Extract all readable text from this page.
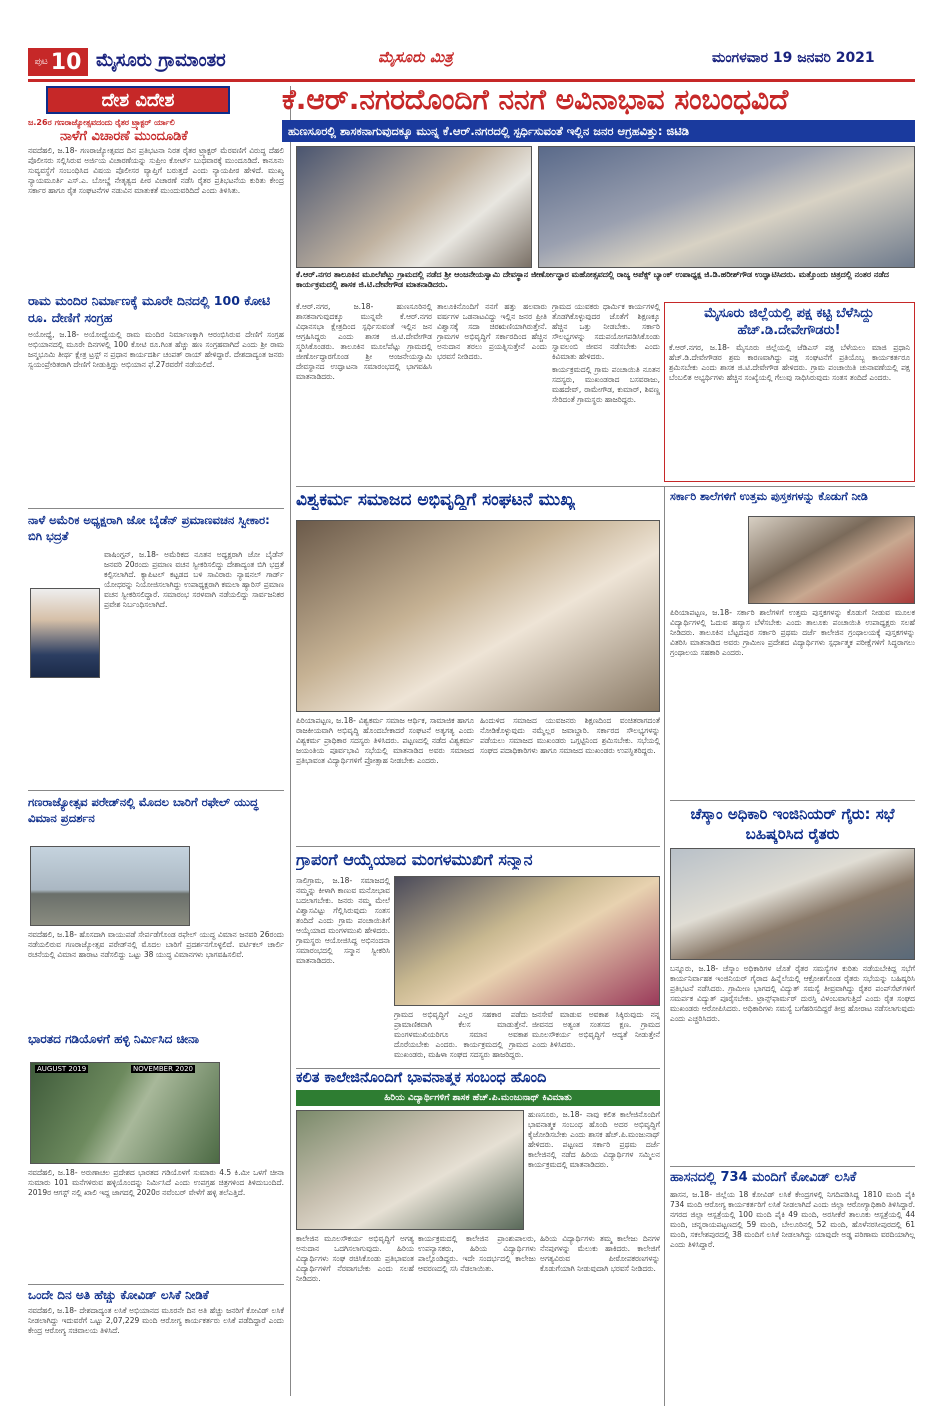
ಪುಟ 10 ಮೈಸೂರು ಗ್ರಾಮಾಂತರ	ಮೈಸೂರು ಮಿತ್ರ	ಮಂಗಳವಾರ 19 ಜನವರಿ 2021
ದೇಶ ವಿದೇಶ
ಜ.26ರ ಗಣರಾಜ್ಯೋತ್ಸವದಂದು ರೈತರ ಟ್ರ್ಯಾಕ್ಟರ್ ರ್ಯಾಲಿ
ನಾಳೆಗೆ ವಿಚಾರಣೆ ಮುಂದೂಡಿಕೆ

ನವದೆಹಲಿ, ಜ.18- ಗಣರಾಜ್ಯೋತ್ಸವದ ದಿನ ಪ್ರತಿಭಟನಾ ನಿರತ ರೈತರ ಟ್ರ್ಯಾಕ್ಟರ್ ಮೆರವಣಿಗೆ ವಿರುದ್ಧ ದೆಹಲಿ ಪೊಲೀಸರು ಸಲ್ಲಿಸಿರುವ ಅರ್ಜಿಯ ವಿಚಾರಣೆಯನ್ನು ಸುಪ್ರೀಂ ಕೋರ್ಟ್ ಬುಧವಾರಕ್ಕೆ ಮುಂದೂಡಿದೆ. ಕಾನೂನು ಸುವ್ಯವಸ್ಥೆಗೆ ಸಂಬಂಧಿಸಿದ ವಿಷಯ ಪೊಲೀಸರ ವ್ಯಾಪ್ತಿಗೆ ಬರುತ್ತದೆ ಎಂದು ನ್ಯಾಯಪೀಠ ಹೇಳಿದೆ. ಮುಖ್ಯ ನ್ಯಾಯಮೂರ್ತಿ ಎಸ್.ಎ. ಬೋಬ್ಡೆ ನೇತೃತ್ವದ ಪೀಠ ವಿಚಾರಣೆ ನಡೆಸಿ ರೈತರ ಪ್ರತಿಭಟನೆಯ ಕುರಿತು ಕೇಂದ್ರ ಸರ್ಕಾರ ಹಾಗೂ ರೈತ ಸಂಘಟನೆಗಳ ನಡುವಿನ ಮಾತುಕತೆ ಮುಂದುವರಿದಿದೆ ಎಂದು ತಿಳಿಸಿತು.

ರಾಮ ಮಂದಿರ ನಿರ್ಮಾಣಕ್ಕೆ ಮೂರೇ ದಿನದಲ್ಲಿ 100 ಕೋಟಿ ರೂ. ದೇಣಿಗೆ ಸಂಗ್ರಹ

ಅಯೋಧ್ಯೆ, ಜ.18- ಅಯೋಧ್ಯೆಯಲ್ಲಿ ರಾಮ ಮಂದಿರ ನಿರ್ಮಾಣಕ್ಕಾಗಿ ಆರಂಭಿಸಿರುವ ದೇಣಿಗೆ ಸಂಗ್ರಹ ಅಭಿಯಾನದಲ್ಲಿ ಮೂರೇ ದಿನಗಳಲ್ಲಿ 100 ಕೋಟಿ ರೂ.ಗಿಂತ ಹೆಚ್ಚು ಹಣ ಸಂಗ್ರಹವಾಗಿದೆ ಎಂದು ಶ್ರೀ ರಾಮ ಜನ್ಮಭೂಮಿ ತೀರ್ಥ ಕ್ಷೇತ್ರ ಟ್ರಸ್ಟ್ ನ ಪ್ರಧಾನ ಕಾರ್ಯದರ್ಶಿ ಚಂಪತ್ ರಾಯ್ ಹೇಳಿದ್ದಾರೆ. ದೇಶದಾದ್ಯಂತ ಜನರು ಸ್ವಯಂಪ್ರೇರಿತರಾಗಿ ದೇಣಿಗೆ ನೀಡುತ್ತಿದ್ದು ಅಭಿಯಾನ ಫೆ.27ರವರೆಗೆ ನಡೆಯಲಿದೆ.

ನಾಳೆ ಅಮೆರಿಕ ಅಧ್ಯಕ್ಷರಾಗಿ ಜೋ ಬೈಡೆನ್ ಪ್ರಮಾಣವಚನ ಸ್ವೀಕಾರ: ಬಿಗಿ ಭದ್ರತೆ

ವಾಷಿಂಗ್ಟನ್, ಜ.18- ಅಮೆರಿಕದ ನೂತನ ಅಧ್ಯಕ್ಷರಾಗಿ ಜೋ ಬೈಡೆನ್ ಜನವರಿ 20ರಂದು ಪ್ರಮಾಣ ವಚನ ಸ್ವೀಕರಿಸಲಿದ್ದು ದೇಶಾದ್ಯಂತ ಬಿಗಿ ಭದ್ರತೆ ಕಲ್ಪಿಸಲಾಗಿದೆ. ಕ್ಯಾಪಿಟಲ್ ಕಟ್ಟಡದ ಬಳಿ ಸಾವಿರಾರು ನ್ಯಾಷನಲ್ ಗಾರ್ಡ್ ಯೋಧರನ್ನು ನಿಯೋಜಿಸಲಾಗಿದ್ದು ಉಪಾಧ್ಯಕ್ಷರಾಗಿ ಕಮಲಾ ಹ್ಯಾರಿಸ್ ಪ್ರಮಾಣ ವಚನ ಸ್ವೀಕರಿಸಲಿದ್ದಾರೆ. ಸಮಾರಂಭ ಸರಳವಾಗಿ ನಡೆಯಲಿದ್ದು ಸಾರ್ವಜನಿಕರ ಪ್ರವೇಶ ನಿರ್ಬಂಧಿಸಲಾಗಿದೆ.

ಗಣರಾಜ್ಯೋತ್ಸವ ಪರೇಡ್‌ನಲ್ಲಿ ಮೊದಲ ಬಾರಿಗೆ ರಫೇಲ್ ಯುದ್ಧ ವಿಮಾನ ಪ್ರದರ್ಶನ

ನವದೆಹಲಿ, ಜ.18- ಹೊಸದಾಗಿ ವಾಯುಪಡೆ ಸೇರ್ಪಡೆಗೊಂಡ ರಫೇಲ್ ಯುದ್ಧ ವಿಮಾನ ಜನವರಿ 26ರಂದು ನಡೆಯಲಿರುವ ಗಣರಾಜ್ಯೋತ್ಸವ ಪರೇಡ್‌ನಲ್ಲಿ ಮೊದಲ ಬಾರಿಗೆ ಪ್ರದರ್ಶನಗೊಳ್ಳಲಿದೆ. ವರ್ಟಿಕಲ್ ಚಾರ್ಲಿ ರಚನೆಯಲ್ಲಿ ವಿಮಾನ ಹಾರಾಟ ನಡೆಸಲಿದ್ದು ಒಟ್ಟು 38 ಯುದ್ಧ ವಿಮಾನಗಳು ಭಾಗವಹಿಸಲಿವೆ.

ಭಾರತದ ಗಡಿಯೊಳಗೆ ಹಳ್ಳಿ ನಿರ್ಮಿಸಿದ ಚೀನಾ
AUGUST 2019	NOVEMBER 2020

ನವದೆಹಲಿ, ಜ.18- ಅರುಣಾಚಲ ಪ್ರದೇಶದ ಭಾರತದ ಗಡಿಯೊಳಗೆ ಸುಮಾರು 4.5 ಕಿ.ಮೀ ಒಳಗೆ ಚೀನಾ ಸುಮಾರು 101 ಮನೆಗಳಿರುವ ಹಳ್ಳಿಯೊಂದನ್ನು ನಿರ್ಮಿಸಿದೆ ಎಂದು ಉಪಗ್ರಹ ಚಿತ್ರಗಳಿಂದ ತಿಳಿದುಬಂದಿದೆ. 2019ರ ಆಗಸ್ಟ್ ನಲ್ಲಿ ಖಾಲಿ ಇದ್ದ ಜಾಗದಲ್ಲಿ 2020ರ ನವೆಂಬರ್ ವೇಳೆಗೆ ಹಳ್ಳಿ ತಲೆಎತ್ತಿದೆ.

ಒಂದೇ ದಿನ ಅತಿ ಹೆಚ್ಚು ಕೋವಿಡ್ ಲಸಿಕೆ ನೀಡಿಕೆ

ನವದೆಹಲಿ, ಜ.18- ದೇಶದಾದ್ಯಂತ ಲಸಿಕೆ ಅಭಿಯಾನದ ಮೂರನೇ ದಿನ ಅತಿ ಹೆಚ್ಚು ಜನರಿಗೆ ಕೋವಿಡ್ ಲಸಿಕೆ ನೀಡಲಾಗಿದ್ದು ಇದುವರೆಗೆ ಒಟ್ಟು 2,07,229 ಮಂದಿ ಆರೋಗ್ಯ ಕಾರ್ಯಕರ್ತರು ಲಸಿಕೆ ಪಡೆದಿದ್ದಾರೆ ಎಂದು ಕೇಂದ್ರ ಆರೋಗ್ಯ ಸಚಿವಾಲಯ ತಿಳಿಸಿದೆ.

ಕೆ.ಆರ್.ನಗರದೊಂದಿಗೆ ನನಗೆ ಅವಿನಾಭಾವ ಸಂಬಂಧವಿದೆ
ಹುಣಸೂರಲ್ಲಿ ಶಾಸಕನಾಗುವುದಕ್ಕೂ ಮುನ್ನ ಕೆ.ಆರ್.ನಗರದಲ್ಲಿ ಸ್ಪರ್ಧಿಸುವಂತೆ ಇಲ್ಲಿನ ಜನರ ಆಗ್ರಹವಿತ್ತು: ಜಿಟಿಡಿ
ಕೆ.ಆರ್.ನಗರ ತಾಲೂಕಿನ ಮೂಲೆಪೆಟ್ಲು ಗ್ರಾಮದಲ್ಲಿ ನಡೆದ ಶ್ರೀ ಆಂಜನೇಯಸ್ವಾಮಿ ದೇವಸ್ಥಾನ ಜೀರ್ಣೋದ್ಧಾರ ಮಹೋತ್ಸವದಲ್ಲಿ ರಾಜ್ಯ ಅಪೆಕ್ಸ್ ಬ್ಯಾಂಕ್ ಉಪಾಧ್ಯಕ್ಷ ಜಿ.ಡಿ.ಹರೀಶ್‌ಗೌಡ ಉದ್ಘಾಟಿಸಿದರು. ಮತ್ತೊಂದು ಚಿತ್ರದಲ್ಲಿ ನಂತರ ನಡೆದ ಕಾರ್ಯಕ್ರಮದಲ್ಲಿ ಶಾಸಕ ಜಿ.ಟಿ.ದೇವೇಗೌಡ ಮಾತನಾಡಿದರು.

ಕೆ.ಆರ್.ನಗರ, ಜ.18- ಹುಣಸೂರಿನಲ್ಲಿ ಶಾಸಕನಾಗುವುದಕ್ಕೂ ಮುನ್ನವೇ ಕೆ.ಆರ್.ನಗರ ವಿಧಾನಸಭಾ ಕ್ಷೇತ್ರದಿಂದ ಸ್ಪರ್ಧಿಸುವಂತೆ ಇಲ್ಲಿನ ಜನ ಆಗ್ರಹಿಸಿದ್ದರು ಎಂದು ಶಾಸಕ ಜಿ.ಟಿ.ದೇವೇಗೌಡ ಸ್ಮರಿಸಿಕೊಂಡರು. ತಾಲೂಕಿನ ಮೂಲೆಪೆಟ್ಲು ಗ್ರಾಮದಲ್ಲಿ ಜೀರ್ಣೋದ್ಧಾರಗೊಂಡ ಶ್ರೀ ಆಂಜನೇಯಸ್ವಾಮಿ ದೇವಸ್ಥಾನದ ಉದ್ಘಾಟನಾ ಸಮಾರಂಭದಲ್ಲಿ ಭಾಗವಹಿಸಿ ಮಾತನಾಡಿದರು.

ತಾಲೂಕಿನೊಂದಿಗೆ ನನಗೆ ಹತ್ತು ಹಲವಾರು ವರ್ಷಗಳ ಒಡನಾಟವಿದ್ದು ಇಲ್ಲಿನ ಜನರ ಪ್ರೀತಿ ವಿಶ್ವಾಸಕ್ಕೆ ಸದಾ ಚಿರಋಣಿಯಾಗಿರುತ್ತೇನೆ. ಗ್ರಾಮಗಳ ಅಭಿವೃದ್ಧಿಗೆ ಸರ್ಕಾರದಿಂದ ಹೆಚ್ಚಿನ ಅನುದಾನ ತರಲು ಪ್ರಯತ್ನಿಸುತ್ತೇನೆ ಎಂದು ಭರವಸೆ ನೀಡಿದರು.

ಗ್ರಾಮದ ಯುವಕರು ಧಾರ್ಮಿಕ ಕಾರ್ಯಗಳಲ್ಲಿ ತೊಡಗಿಕೊಳ್ಳುವುದರ ಜೊತೆಗೆ ಶಿಕ್ಷಣಕ್ಕೂ ಹೆಚ್ಚಿನ ಒತ್ತು ನೀಡಬೇಕು. ಸರ್ಕಾರಿ ಸೌಲಭ್ಯಗಳನ್ನು ಸದುಪಯೋಗಪಡಿಸಿಕೊಂಡು ಸ್ವಾವಲಂಬಿ ಜೀವನ ನಡೆಸಬೇಕು ಎಂದು ಕಿವಿಮಾತು ಹೇಳಿದರು.

ಕಾರ್ಯಕ್ರಮದಲ್ಲಿ ಗ್ರಾಮ ಪಂಚಾಯಿತಿ ನೂತನ ಸದಸ್ಯರು, ಮುಖಂಡರಾದ ಬಸವರಾಜು, ಮಹದೇವ್, ರಾಮೇಗೌಡ, ಕುಮಾರ್, ಶಿವಣ್ಣ ಸೇರಿದಂತೆ ಗ್ರಾಮಸ್ಥರು ಹಾಜರಿದ್ದರು.

ಮೈಸೂರು ಜಿಲ್ಲೆಯಲ್ಲಿ ಪಕ್ಷ ಕಟ್ಟಿ ಬೆಳೆಸಿದ್ದು ಹೆಚ್.ಡಿ.ದೇವೇಗೌಡರು!

ಕೆ.ಆರ್.ನಗರ, ಜ.18- ಮೈಸೂರು ಜಿಲ್ಲೆಯಲ್ಲಿ ಜೆಡಿಎಸ್ ಪಕ್ಷ ಬೆಳೆಯಲು ಮಾಜಿ ಪ್ರಧಾನಿ ಹೆಚ್.ಡಿ.ದೇವೇಗೌಡರ ಶ್ರಮ ಕಾರಣವಾಗಿದ್ದು ಪಕ್ಷ ಸಂಘಟನೆಗೆ ಪ್ರತಿಯೊಬ್ಬ ಕಾರ್ಯಕರ್ತರೂ ಶ್ರಮಿಸಬೇಕು ಎಂದು ಶಾಸಕ ಜಿ.ಟಿ.ದೇವೇಗೌಡ ಹೇಳಿದರು. ಗ್ರಾಮ ಪಂಚಾಯಿತಿ ಚುನಾವಣೆಯಲ್ಲಿ ಪಕ್ಷ ಬೆಂಬಲಿತ ಅಭ್ಯರ್ಥಿಗಳು ಹೆಚ್ಚಿನ ಸಂಖ್ಯೆಯಲ್ಲಿ ಗೆಲುವು ಸಾಧಿಸಿರುವುದು ಸಂತಸ ತಂದಿದೆ ಎಂದರು.

ವಿಶ್ವಕರ್ಮ ಸಮಾಜದ ಅಭಿವೃದ್ಧಿಗೆ ಸಂಘಟನೆ ಮುಖ್ಯ

ಪಿರಿಯಾಪಟ್ಟಣ, ಜ.18- ವಿಶ್ವಕರ್ಮ ಸಮಾಜ ಆರ್ಥಿಕ, ಸಾಮಾಜಿಕ ಹಾಗೂ ರಾಜಕೀಯವಾಗಿ ಅಭಿವೃದ್ಧಿ ಹೊಂದಬೇಕಾದರೆ ಸಂಘಟನೆ ಅತ್ಯಗತ್ಯ ಎಂದು ವಿಶ್ವಕರ್ಮ ಪ್ರಾಧಿಕಾರ ಸದಸ್ಯರು ತಿಳಿಸಿದರು. ಪಟ್ಟಣದಲ್ಲಿ ನಡೆದ ವಿಶ್ವಕರ್ಮ ಜಯಂತಿಯ ಪೂರ್ವಭಾವಿ ಸಭೆಯಲ್ಲಿ ಮಾತನಾಡಿದ ಅವರು ಸಮಾಜದ ಪ್ರತಿಭಾವಂತ ವಿದ್ಯಾರ್ಥಿಗಳಿಗೆ ಪ್ರೋತ್ಸಾಹ ನೀಡಬೇಕು ಎಂದರು.

ಹಿಂದುಳಿದ ಸಮಾಜದ ಯುವಜನರು ಶಿಕ್ಷಣದಿಂದ ವಂಚಿತರಾಗದಂತೆ ನೋಡಿಕೊಳ್ಳುವುದು ನಮ್ಮೆಲ್ಲರ ಜವಾಬ್ದಾರಿ. ಸರ್ಕಾರದ ಸೌಲಭ್ಯಗಳನ್ನು ಪಡೆಯಲು ಸಮಾಜದ ಮುಖಂಡರು ಒಗ್ಗಟ್ಟಿನಿಂದ ಶ್ರಮಿಸಬೇಕು. ಸಭೆಯಲ್ಲಿ ಸಂಘದ ಪದಾಧಿಕಾರಿಗಳು ಹಾಗೂ ಸಮಾಜದ ಮುಖಂಡರು ಉಪಸ್ಥಿತರಿದ್ದರು.

ಸರ್ಕಾರಿ ಶಾಲೆಗಳಿಗೆ ಉತ್ತಮ ಪುಸ್ತಕಗಳನ್ನು ಕೊಡುಗೆ ನೀಡಿ

ಪಿರಿಯಾಪಟ್ಟಣ, ಜ.18- ಸರ್ಕಾರಿ ಶಾಲೆಗಳಿಗೆ ಉತ್ತಮ ಪುಸ್ತಕಗಳನ್ನು ಕೊಡುಗೆ ನೀಡುವ ಮೂಲಕ ವಿದ್ಯಾರ್ಥಿಗಳಲ್ಲಿ ಓದುವ ಹವ್ಯಾಸ ಬೆಳೆಸಬೇಕು ಎಂದು ತಾಲೂಕು ಪಂಚಾಯಿತಿ ಉಪಾಧ್ಯಕ್ಷರು ಸಲಹೆ ನೀಡಿದರು. ತಾಲೂಕಿನ ಬೆಟ್ಟದಪುರ ಸರ್ಕಾರಿ ಪ್ರಥಮ ದರ್ಜೆ ಕಾಲೇಜಿನ ಗ್ರಂಥಾಲಯಕ್ಕೆ ಪುಸ್ತಕಗಳನ್ನು ವಿತರಿಸಿ ಮಾತನಾಡಿದ ಅವರು ಗ್ರಾಮೀಣ ಪ್ರದೇಶದ ವಿದ್ಯಾರ್ಥಿಗಳು ಸ್ಪರ್ಧಾತ್ಮಕ ಪರೀಕ್ಷೆಗಳಿಗೆ ಸಿದ್ಧರಾಗಲು ಗ್ರಂಥಾಲಯ ಸಹಕಾರಿ ಎಂದರು.

ಚೆಸ್ಕಾಂ ಅಧಿಕಾರಿ ಇಂಜಿನಿಯರ್ ಗೈರು: ಸಭೆ ಬಹಿಷ್ಕರಿಸಿದ ರೈತರು

ಬನ್ನೂರು, ಜ.18- ಚೆಸ್ಕಾಂ ಅಧಿಕಾರಿಗಳ ಜೊತೆ ರೈತರ ಸಮಸ್ಯೆಗಳ ಕುರಿತು ನಡೆಯಬೇಕಿದ್ದ ಸಭೆಗೆ ಕಾರ್ಯನಿರ್ವಾಹಕ ಇಂಜಿನಿಯರ್ ಗೈರಾದ ಹಿನ್ನೆಲೆಯಲ್ಲಿ ಆಕ್ರೋಶಗೊಂಡ ರೈತರು ಸಭೆಯನ್ನು ಬಹಿಷ್ಕರಿಸಿ ಪ್ರತಿಭಟನೆ ನಡೆಸಿದರು. ಗ್ರಾಮೀಣ ಭಾಗದಲ್ಲಿ ವಿದ್ಯುತ್ ಸಮಸ್ಯೆ ತೀವ್ರವಾಗಿದ್ದು ರೈತರ ಪಂಪ್‌ಸೆಟ್‌ಗಳಿಗೆ ಸಮರ್ಪಕ ವಿದ್ಯುತ್ ಪೂರೈಸಬೇಕು. ಟ್ರಾನ್ಸ್‌ಫಾರ್ಮರ್ ದುರಸ್ತಿ ವಿಳಂಬವಾಗುತ್ತಿದೆ ಎಂದು ರೈತ ಸಂಘದ ಮುಖಂಡರು ಆರೋಪಿಸಿದರು. ಅಧಿಕಾರಿಗಳು ಸಮಸ್ಯೆ ಬಗೆಹರಿಸದಿದ್ದರೆ ತೀವ್ರ ಹೋರಾಟ ನಡೆಸಲಾಗುವುದು ಎಂದು ಎಚ್ಚರಿಸಿದರು.

ಗ್ರಾಪಂಗೆ ಆಯ್ಕೆಯಾದ ಮಂಗಳಮುಖಿಗೆ ಸನ್ಮಾನ

ಸಾಲಿಗ್ರಾಮ, ಜ.18- ಸಮಾಜದಲ್ಲಿ ನಮ್ಮನ್ನು ಕೀಳಾಗಿ ಕಾಣುವ ಮನೋಭಾವ ಬದಲಾಗಬೇಕು. ಜನರು ನಮ್ಮ ಮೇಲೆ ವಿಶ್ವಾಸವಿಟ್ಟು ಗೆಲ್ಲಿಸಿರುವುದು ಸಂತಸ ತಂದಿದೆ ಎಂದು ಗ್ರಾಮ ಪಂಚಾಯಿತಿಗೆ ಆಯ್ಕೆಯಾದ ಮಂಗಳಮುಖಿ ಹೇಳಿದರು. ಗ್ರಾಮಸ್ಥರು ಆಯೋಜಿಸಿದ್ದ ಅಭಿನಂದನಾ ಸಮಾರಂಭದಲ್ಲಿ ಸನ್ಮಾನ ಸ್ವೀಕರಿಸಿ ಮಾತನಾಡಿದರು.

ಗ್ರಾಮದ ಅಭಿವೃದ್ಧಿಗೆ ಎಲ್ಲರ ಸಹಕಾರ ಪಡೆದು ಪ್ರಾಮಾಣಿಕವಾಗಿ ಕೆಲಸ ಮಾಡುತ್ತೇನೆ. ಮಂಗಳಮುಖಿಯರಿಗೂ ಸಮಾನ ಅವಕಾಶ ದೊರೆಯಬೇಕು ಎಂದರು. ಕಾರ್ಯಕ್ರಮದಲ್ಲಿ ಗ್ರಾಮದ ಮುಖಂಡರು, ಮಹಿಳಾ ಸಂಘದ ಸದಸ್ಯರು ಹಾಜರಿದ್ದರು.

ಜನಸೇವೆ ಮಾಡುವ ಅವಕಾಶ ಸಿಕ್ಕಿರುವುದು ನನ್ನ ಜೀವನದ ಅತ್ಯಂತ ಸಂತಸದ ಕ್ಷಣ. ಗ್ರಾಮದ ಮೂಲಸೌಕರ್ಯ ಅಭಿವೃದ್ಧಿಗೆ ಆದ್ಯತೆ ನೀಡುತ್ತೇನೆ ಎಂದು ತಿಳಿಸಿದರು.

ಕಲಿತ ಕಾಲೇಜಿನೊಂದಿಗೆ ಭಾವನಾತ್ಮಕ ಸಂಬಂಧ ಹೊಂದಿ
ಹಿರಿಯ ವಿದ್ಯಾರ್ಥಿಗಳಿಗೆ ಶಾಸಕ ಹೆಚ್.ಪಿ.ಮಂಜುನಾಥ್ ಕಿವಿಮಾತು

ಹುಣಸೂರು, ಜ.18- ನಾವು ಕಲಿತ ಕಾಲೇಜಿನೊಂದಿಗೆ ಭಾವನಾತ್ಮಕ ಸಂಬಂಧ ಹೊಂದಿ ಅದರ ಅಭಿವೃದ್ಧಿಗೆ ಕೈಜೋಡಿಸಬೇಕು ಎಂದು ಶಾಸಕ ಹೆಚ್.ಪಿ.ಮಂಜುನಾಥ್ ಹೇಳಿದರು. ಪಟ್ಟಣದ ಸರ್ಕಾರಿ ಪ್ರಥಮ ದರ್ಜೆ ಕಾಲೇಜಿನಲ್ಲಿ ನಡೆದ ಹಿರಿಯ ವಿದ್ಯಾರ್ಥಿಗಳ ಸಮ್ಮಿಲನ ಕಾರ್ಯಕ್ರಮದಲ್ಲಿ ಮಾತನಾಡಿದರು.

ಕಾಲೇಜಿನ ಮೂಲಸೌಕರ್ಯ ಅಭಿವೃದ್ಧಿಗೆ ಅಗತ್ಯ ಅನುದಾನ ಒದಗಿಸಲಾಗುವುದು. ಹಿರಿಯ ವಿದ್ಯಾರ್ಥಿಗಳು ಸಂಘ ರಚಿಸಿಕೊಂಡು ಪ್ರತಿಭಾವಂತ ವಿದ್ಯಾರ್ಥಿಗಳಿಗೆ ನೆರವಾಗಬೇಕು ಎಂದು ಸಲಹೆ ನೀಡಿದರು.

ಕಾರ್ಯಕ್ರಮದಲ್ಲಿ ಕಾಲೇಜಿನ ಪ್ರಾಂಶುಪಾಲರು, ಉಪನ್ಯಾಸಕರು, ಹಿರಿಯ ವಿದ್ಯಾರ್ಥಿಗಳು ಪಾಲ್ಗೊಂಡಿದ್ದರು. ಇದೇ ಸಂದರ್ಭದಲ್ಲಿ ಕಾಲೇಜು ಆವರಣದಲ್ಲಿ ಸಸಿ ನೆಡಲಾಯಿತು.

ಹಿರಿಯ ವಿದ್ಯಾರ್ಥಿಗಳು ತಮ್ಮ ಕಾಲೇಜು ದಿನಗಳ ನೆನಪುಗಳನ್ನು ಮೆಲುಕು ಹಾಕಿದರು. ಕಾಲೇಜಿಗೆ ಅಗತ್ಯವಿರುವ ಪೀಠೋಪಕರಣಗಳನ್ನು ಕೊಡುಗೆಯಾಗಿ ನೀಡುವುದಾಗಿ ಭರವಸೆ ನೀಡಿದರು.

ಹಾಸನದಲ್ಲಿ 734 ಮಂದಿಗೆ ಕೋವಿಡ್ ಲಸಿಕೆ

ಹಾಸನ, ಜ.18- ಜಿಲ್ಲೆಯ 18 ಕೋವಿಡ್ ಲಸಿಕೆ ಕೇಂದ್ರಗಳಲ್ಲಿ ನಿಗದಿಪಡಿಸಿದ್ದ 1810 ಮಂದಿ ಪೈಕಿ 734 ಮಂದಿ ಆರೋಗ್ಯ ಕಾರ್ಯಕರ್ತರಿಗೆ ಲಸಿಕೆ ನೀಡಲಾಗಿದೆ ಎಂದು ಜಿಲ್ಲಾ ಆರೋಗ್ಯಾಧಿಕಾರಿ ತಿಳಿಸಿದ್ದಾರೆ. ನಗರದ ಜಿಲ್ಲಾ ಆಸ್ಪತ್ರೆಯಲ್ಲಿ 100 ಮಂದಿ ಪೈಕಿ 49 ಮಂದಿ, ಅರಸೀಕೆರೆ ತಾಲೂಕು ಆಸ್ಪತ್ರೆಯಲ್ಲಿ 44 ಮಂದಿ, ಚನ್ನರಾಯಪಟ್ಟಣದಲ್ಲಿ 59 ಮಂದಿ, ಬೇಲೂರಿನಲ್ಲಿ 52 ಮಂದಿ, ಹೊಳೆನರಸೀಪುರದಲ್ಲಿ 61 ಮಂದಿ, ಸಕಲೇಶಪುರದಲ್ಲಿ 38 ಮಂದಿಗೆ ಲಸಿಕೆ ನೀಡಲಾಗಿದ್ದು ಯಾವುದೇ ಅಡ್ಡ ಪರಿಣಾಮ ವರದಿಯಾಗಿಲ್ಲ ಎಂದು ತಿಳಿಸಿದ್ದಾರೆ.
